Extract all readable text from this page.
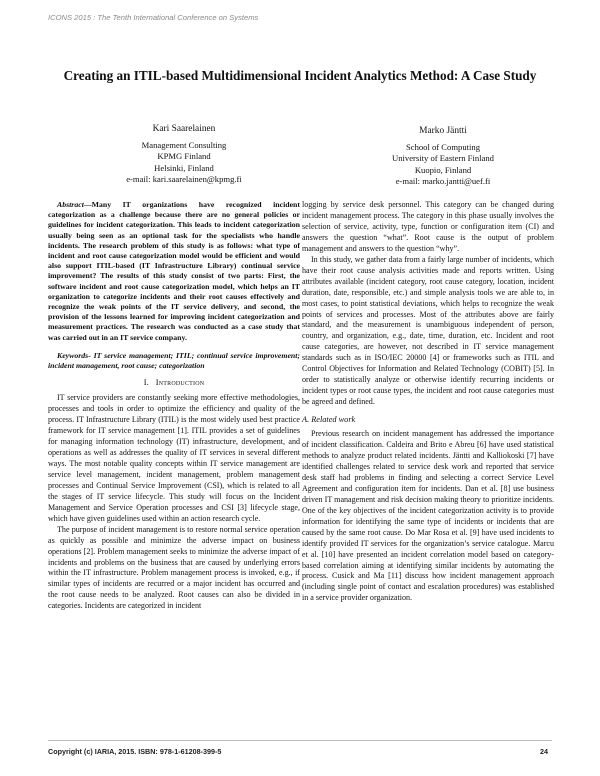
ICONS 2015 : The Tenth International Conference on Systems
Creating an ITIL-based Multidimensional Incident Analytics Method: A Case Study
Kari Saarelainen
Management Consulting
KPMG Finland
Helsinki, Finland
e-mail: kari.saarelainen@kpmg.fi
Marko Jäntti
School of Computing
University of Eastern Finland
Kuopio, Finland
e-mail: marko.jantti@uef.fi

Abstract—Many IT organizations have recognized incident categorization as a challenge because there are no general policies or guidelines for incident categorization. This leads to incident categorization usually being seen as an optional task for the specialists who handle incidents. The research problem of this study is as follows: what type of incident and root cause categorization model would be efficient and would also support ITIL-based (IT Infrastructure Library) continual service improvement? The results of this study consist of two parts: First, the software incident and root cause categorization model, which helps an IT organization to categorize incidents and their root causes effectively and recognize the weak points of the IT service delivery, and second, the provision of the lessons learned for improving incident categorization and measurement practices. The research was conducted as a case study that was carried out in an IT service company.

Keywords- IT service management; ITIL; continual service improvement; incident management, root cause; categorization

I. Introduction

IT service providers are constantly seeking more effective methodologies, processes and tools in order to optimize the efficiency and quality of the process. IT Infrastructure Library (ITIL) is the most widely used best practice framework for IT service management [1]. ITIL provides a set of guidelines for managing information technology (IT) infrastructure, development, and operations as well as addresses the quality of IT services in several different ways. The most notable quality concepts within IT service management are service level management, incident management, problem management processes and Continual Service Improvement (CSI), which is related to all the stages of IT service lifecycle. This study will focus on the Incident Management and Service Operation processes and CSI [3] lifecycle stage, which have given guidelines used within an action research cycle.

The purpose of incident management is to restore normal service operation as quickly as possible and minimize the adverse impact on business operations [2]. Problem management seeks to minimize the adverse impact of incidents and problems on the business that are caused by underlying errors within the IT infrastructure. Problem management process is invoked, e.g., if similar types of incidents are recurred or a major incident has occurred and the root cause needs to be analyzed. Root causes can also be divided in categories. Incidents are categorized in incident

logging by service desk personnel. This category can be changed during incident management process. The category in this phase usually involves the selection of service, activity, type, function or configuration item (CI) and answers the question “what”. Root cause is the output of problem management and answers to the question “why”.

In this study, we gather data from a fairly large number of incidents, which have their root cause analysis activities made and reports written. Using attributes available (incident category, root cause category, location, incident duration, date, responsible, etc.) and simple analysis tools we are able to, in most cases, to point statistical deviations, which helps to recognize the weak points of services and processes. Most of the attributes above are fairly standard, and the measurement is unambiguous independent of person, country, and organization, e.g., date, time, duration, etc. Incident and root cause categories, are however, not described in IT service management standards such as in ISO/IEC 20000 [4] or frameworks such as ITIL and Control Objectives for Information and Related Technology (COBIT) [5]. In order to statistically analyze or otherwise identify recurring incidents or incident types or root cause types, the incident and root cause categories must be agreed and defined.

A. Related work

Previous research on incident management has addressed the importance of incident classification. Caldeira and Brito e Abreu [6] have used statistical methods to analyze product related incidents. Jäntti and Kalliokoski [7] have identified challenges related to service desk work and reported that service desk staff had problems in finding and selecting a correct Service Level Agreement and configuration item for incidents. Dan et al. [8] use business driven IT management and risk decision making theory to prioritize incidents. One of the key objectives of the incident categorization activity is to provide information for identifying the same type of incidents or incidents that are caused by the same root cause. Do Mar Rosa et al. [9] have used incidents to identify provided IT services for the organization’s service catalogue. Marcu et al. [10] have presented an incident correlation model based on category-based correlation aiming at identifying similar incidents by automating the process. Cusick and Ma [11] discuss how incident management approach (including single point of contact and escalation procedures) was established in a service provider organization.

Copyright (c) IARIA, 2015. ISBN: 978-1-61208-399-5	24
